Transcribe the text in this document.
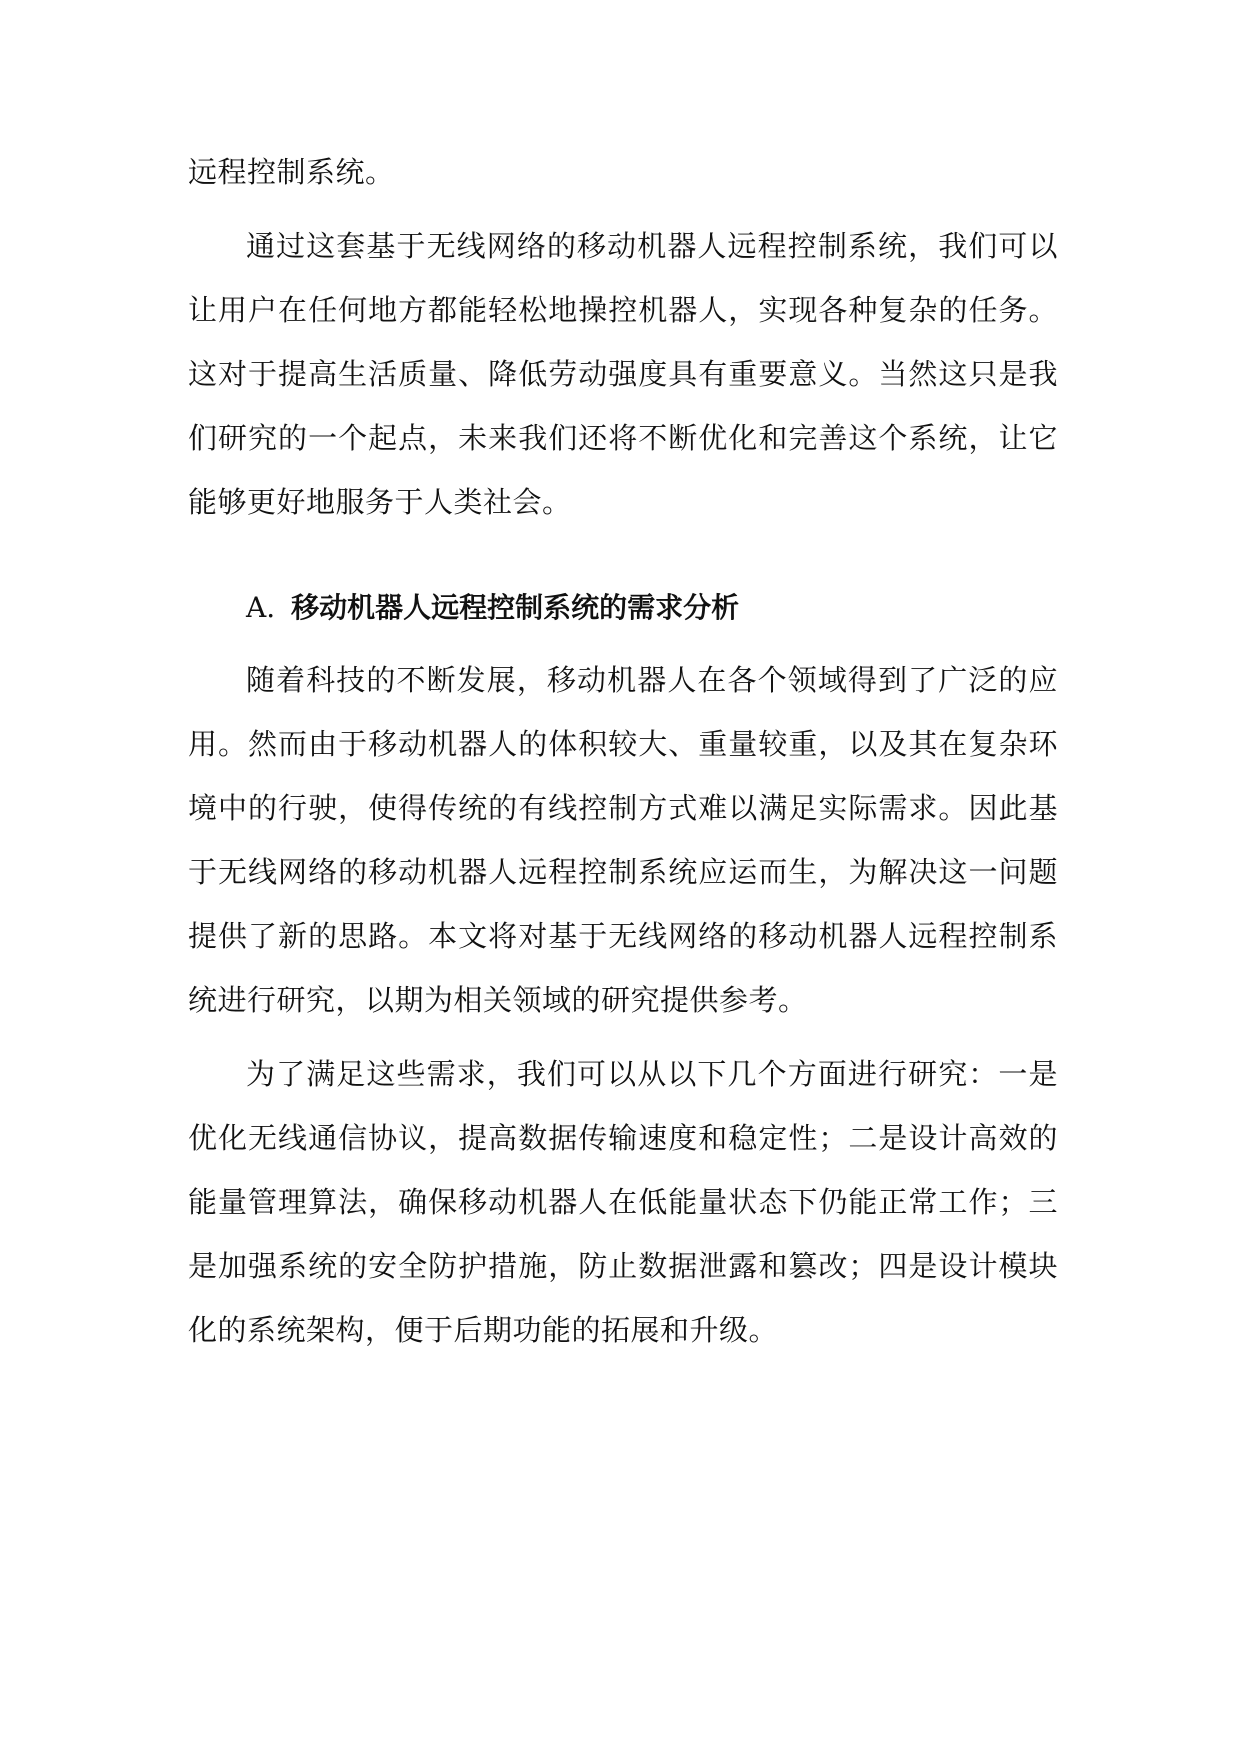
远程控制系统。

通过这套基于无线网络的移动机器人远程控制系统，我们可以让用户在任何地方都能轻松地操控机器人，实现各种复杂的任务。这对于提高生活质量、降低劳动强度具有重要意义。当然这只是我们研究的一个起点，未来我们还将不断优化和完善这个系统，让它能够更好地服务于人类社会。

A. 移动机器人远程控制系统的需求分析

随着科技的不断发展，移动机器人在各个领域得到了广泛的应用。然而由于移动机器人的体积较大、重量较重，以及其在复杂环境中的行驶，使得传统的有线控制方式难以满足实际需求。因此基于无线网络的移动机器人远程控制系统应运而生，为解决这一问题提供了新的思路。本文将对基于无线网络的移动机器人远程控制系统进行研究，以期为相关领域的研究提供参考。

为了满足这些需求，我们可以从以下几个方面进行研究：一是优化无线通信协议，提高数据传输速度和稳定性；二是设计高效的能量管理算法，确保移动机器人在低能量状态下仍能正常工作；三是加强系统的安全防护措施，防止数据泄露和篡改；四是设计模块化的系统架构，便于后期功能的拓展和升级。
